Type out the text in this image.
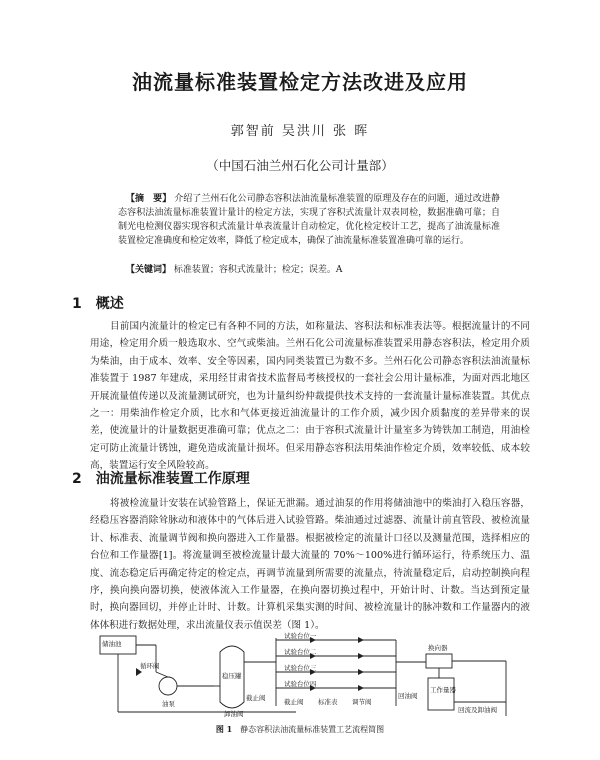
油流量标准装置检定方法改进及应用
郭智前 吴洪川 张 晖
（中国石油兰州石化公司计量部）
【摘　要】 介绍了兰州石化公司静态容积法油流量标准装置的原理及存在的问题，通过改进静态容积法油流量标准装置计量计的检定方法，实现了容积式流量计双表同检，数据准确可靠；自制光电检测仪器实现容积式流量计单表流量计自动检定，优化检定校计工艺，提高了油流量标准装置检定准确度和检定效率，降低了检定成本，确保了油流量标准装置准确可靠的运行。
【关键词】 标准装置；容积式流量计；检定；误差。A
1 概述
目前国内流量计的检定已有各种不同的方法，如称量法、容积法和标准表法等。根据流量计的不同用途，检定用介质一般选取水、空气或柴油。兰州石化公司流量标准装置采用静态容积法，检定用介质为柴油，由于成本、效率、安全等因素，国内同类装置已为数不多。兰州石化公司静态容积法油流量标准装置于 1987 年建成，采用经甘肃省技术监督局考核授权的一套社会公用计量标准，为面对西北地区开展流量值传递以及流量测试研究，也为计量纠纷仲裁提供技术支持的一套流量计量标准装置。其优点之一：用柴油作检定介质，比水和气体更接近油流量计的工作介质，减少因介质黏度的差异带来的误差，使流量计的计量数据更准确可靠；优点之二：由于容积式流量计计量室多为铸铁加工制造，用油检定可防止流量计锈蚀，避免造成流量计损坏。但采用静态容积法用柴油作检定介质，效率较低、成本较高，装置运行安全风险较高。
2 油流量标准装置工作原理
将被检流量计安装在试验管路上，保证无泄漏。通过油泵的作用将储油池中的柴油打入稳压容器，经稳压容器消除耸脉动和液体中的气体后进入试验管路。柴油通过过滤器、流量计前直管段、被检流量计、标准表、流量调节阀和换向器进入工作量器。根据被检定的流量计口径以及测量范围，选择相应的台位和工作量器[1]。将流量调至被检流量计最大流量的 70%～100%进行循环运行，待系统压力、温度、流态稳定后再确定待定的检定点，再调节流量到所需要的流量点，待流量稳定后，启动控制换向程序，换向换向器切换，使液体流入工作量器，在换向器切换过程中，开始计时、计数。当达到预定量时，换向器回切，并停止计时、计数。计算机采集实测的时间、被检流量计的脉冲数和工作量器内的液体体积进行数据处理，求出流量仪表示值误差（图 1）。
储油池
循环阀
油泵
稳压罐
截止阀
试验台位一
试验台位二
试验台位三
试验台位四
截止阀 标准表 调节阀
卸油阀
回油阀
换向器
工作量器
回流及卸油阀
图 1 静态容积法油流量标准装置工艺流程简图
